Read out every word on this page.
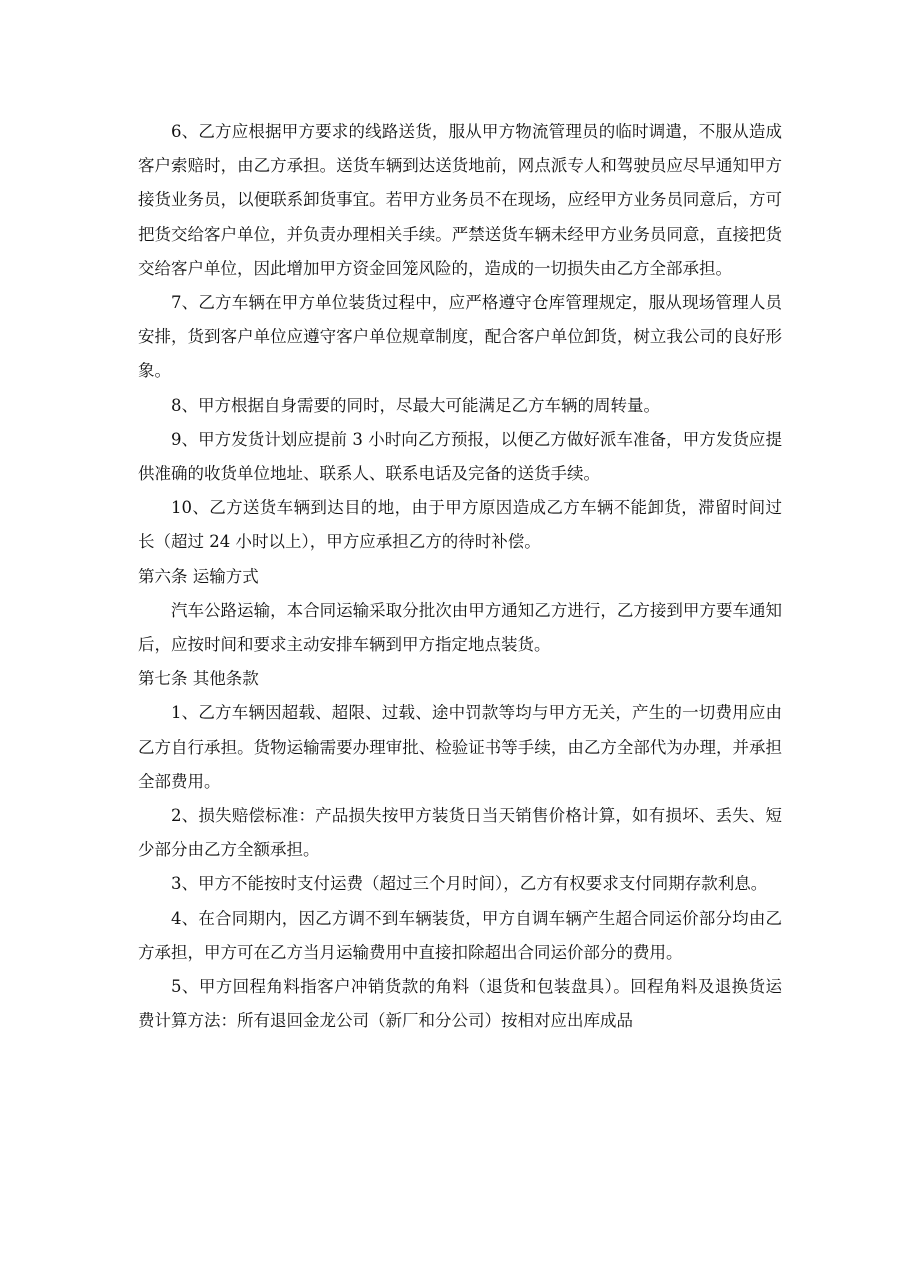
6、乙方应根据甲方要求的线路送货，服从甲方物流管理员的临时调遣，不服从造成客户索赔时，由乙方承担。送货车辆到达送货地前，网点派专人和驾驶员应尽早通知甲方接货业务员，以便联系卸货事宜。若甲方业务员不在现场，应经甲方业务员同意后，方可把货交给客户单位，并负责办理相关手续。严禁送货车辆未经甲方业务员同意，直接把货交给客户单位，因此增加甲方资金回笼风险的，造成的一切损失由乙方全部承担。

7、乙方车辆在甲方单位装货过程中，应严格遵守仓库管理规定，服从现场管理人员安排，货到客户单位应遵守客户单位规章制度，配合客户单位卸货，树立我公司的良好形象。

8、甲方根据自身需要的同时，尽最大可能满足乙方车辆的周转量。

9、甲方发货计划应提前 3 小时向乙方预报，以便乙方做好派车准备，甲方发货应提供准确的收货单位地址、联系人、联系电话及完备的送货手续。

10、乙方送货车辆到达目的地，由于甲方原因造成乙方车辆不能卸货，滞留时间过长（超过 24 小时以上），甲方应承担乙方的待时补偿。

第六条 运输方式

汽车公路运输，本合同运输采取分批次由甲方通知乙方进行，乙方接到甲方要车通知后，应按时间和要求主动安排车辆到甲方指定地点装货。

第七条 其他条款

1、乙方车辆因超载、超限、过载、途中罚款等均与甲方无关，产生的一切费用应由乙方自行承担。货物运输需要办理审批、检验证书等手续，由乙方全部代为办理，并承担全部费用。

2、损失赔偿标准：产品损失按甲方装货日当天销售价格计算，如有损坏、丢失、短少部分由乙方全额承担。

3、甲方不能按时支付运费（超过三个月时间），乙方有权要求支付同期存款利息。

4、在合同期内，因乙方调不到车辆装货，甲方自调车辆产生超合同运价部分均由乙方承担，甲方可在乙方当月运输费用中直接扣除超出合同运价部分的费用。

5、甲方回程角料指客户冲销货款的角料（退货和包装盘具）。回程角料及退换货运费计算方法：所有退回金龙公司（新厂和分公司）按相对应出库成品
